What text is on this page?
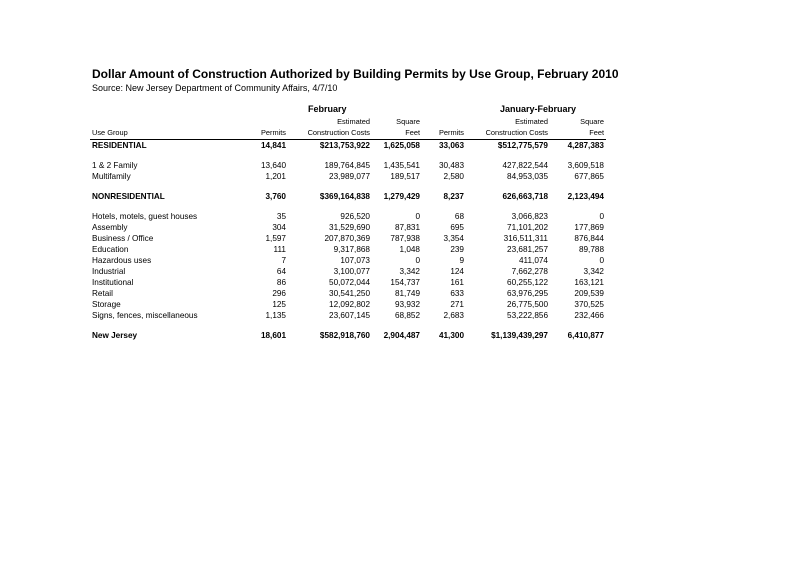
Dollar Amount of Construction Authorized by Building Permits by Use Group, February 2010
Source: New Jersey Department of Community Affairs, 4/7/10
February	January-February
		Estimated	Square		Estimated	Square
Use Group	Permits	Construction Costs	Feet	Permits	Construction Costs	Feet
RESIDENTIAL	14,841	$213,753,922	1,625,058	33,063	$512,775,579	4,287,383

1 & 2 Family	13,640	189,764,845	1,435,541	30,483	427,822,544	3,609,518
Multifamily	1,201	23,989,077	189,517	2,580	84,953,035	677,865

NONRESIDENTIAL	3,760	$369,164,838	1,279,429	8,237	626,663,718	2,123,494

Hotels, motels, guest houses	35	926,520	0	68	3,066,823	0
Assembly	304	31,529,690	87,831	695	71,101,202	177,869
Business / Office	1,597	207,870,369	787,938	3,354	316,511,311	876,844
Education	111	9,317,868	1,048	239	23,681,257	89,788
Hazardous uses	7	107,073	0	9	411,074	0
Industrial	64	3,100,077	3,342	124	7,662,278	3,342
Institutional	86	50,072,044	154,737	161	60,255,122	163,121
Retail	296	30,541,250	81,749	633	63,976,295	209,539
Storage	125	12,092,802	93,932	271	26,775,500	370,525
Signs, fences, miscellaneous	1,135	23,607,145	68,852	2,683	53,222,856	232,466

New Jersey	18,601	$582,918,760	2,904,487	41,300	$1,139,439,297	6,410,877
